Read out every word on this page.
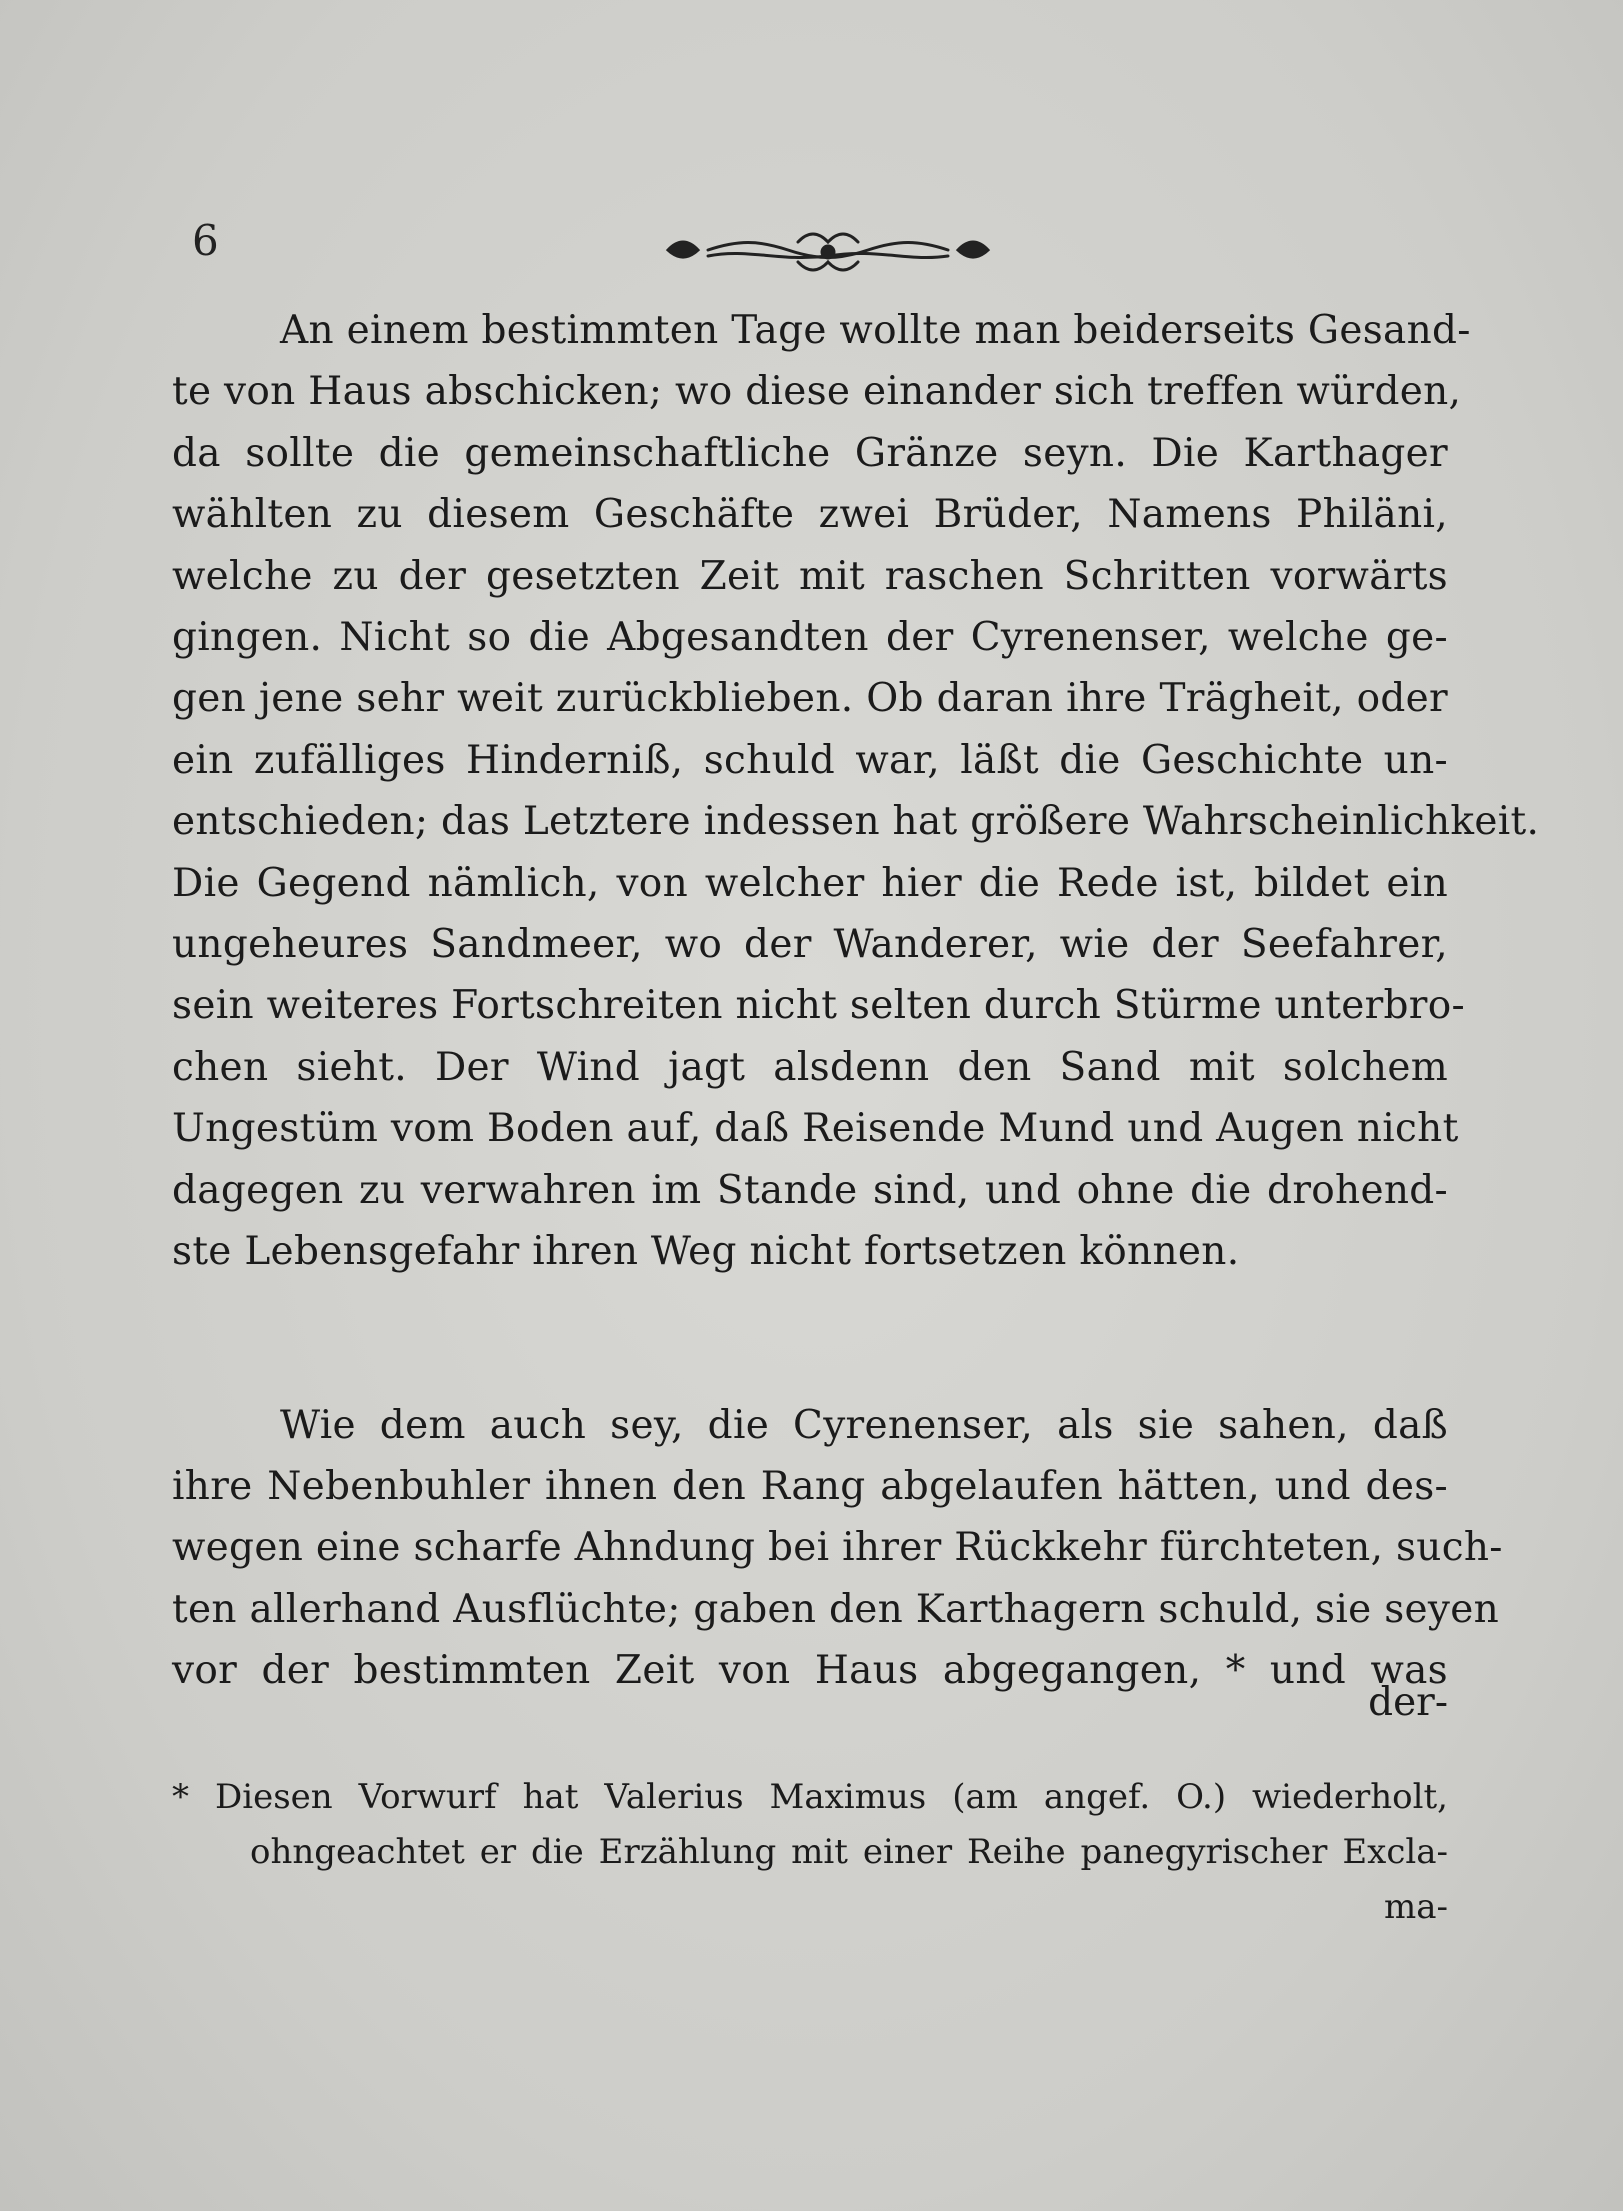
6
An einem bestimmten Tage wollte man beiderseits Gesand-
te von Haus abschicken; wo diese einander sich treffen würden,
da sollte die gemeinschaftliche Gränze seyn. Die Karthager
wählten zu diesem Geschäfte zwei Brüder, Namens Philäni,
welche zu der gesetzten Zeit mit raschen Schritten vorwärts
gingen. Nicht so die Abgesandten der Cyrenenser, welche ge-
gen jene sehr weit zurückblieben. Ob daran ihre Trägheit, oder
ein zufälliges Hinderniß, schuld war, läßt die Geschichte un-
entschieden; das Letztere indessen hat größere Wahrscheinlichkeit.
Die Gegend nämlich, von welcher hier die Rede ist, bildet ein
ungeheures Sandmeer, wo der Wanderer, wie der Seefahrer,
sein weiteres Fortschreiten nicht selten durch Stürme unterbro-
chen sieht. Der Wind jagt alsdenn den Sand mit solchem
Ungestüm vom Boden auf, daß Reisende Mund und Augen nicht
dagegen zu verwahren im Stande sind, und ohne die drohend-
ste Lebensgefahr ihren Weg nicht fortsetzen können.
Wie dem auch sey, die Cyrenenser, als sie sahen, daß
ihre Nebenbuhler ihnen den Rang abgelaufen hätten, und des-
wegen eine scharfe Ahndung bei ihrer Rückkehr fürchteten, such-
ten allerhand Ausflüchte; gaben den Karthagern schuld, sie seyen
vor der bestimmten Zeit von Haus abgegangen, * und was
der-
* Diesen Vorwurf hat Valerius Maximus (am angef. O.) wiederholt,
ohngeachtet er die Erzählung mit einer Reihe panegyrischer Excla-
ma-
